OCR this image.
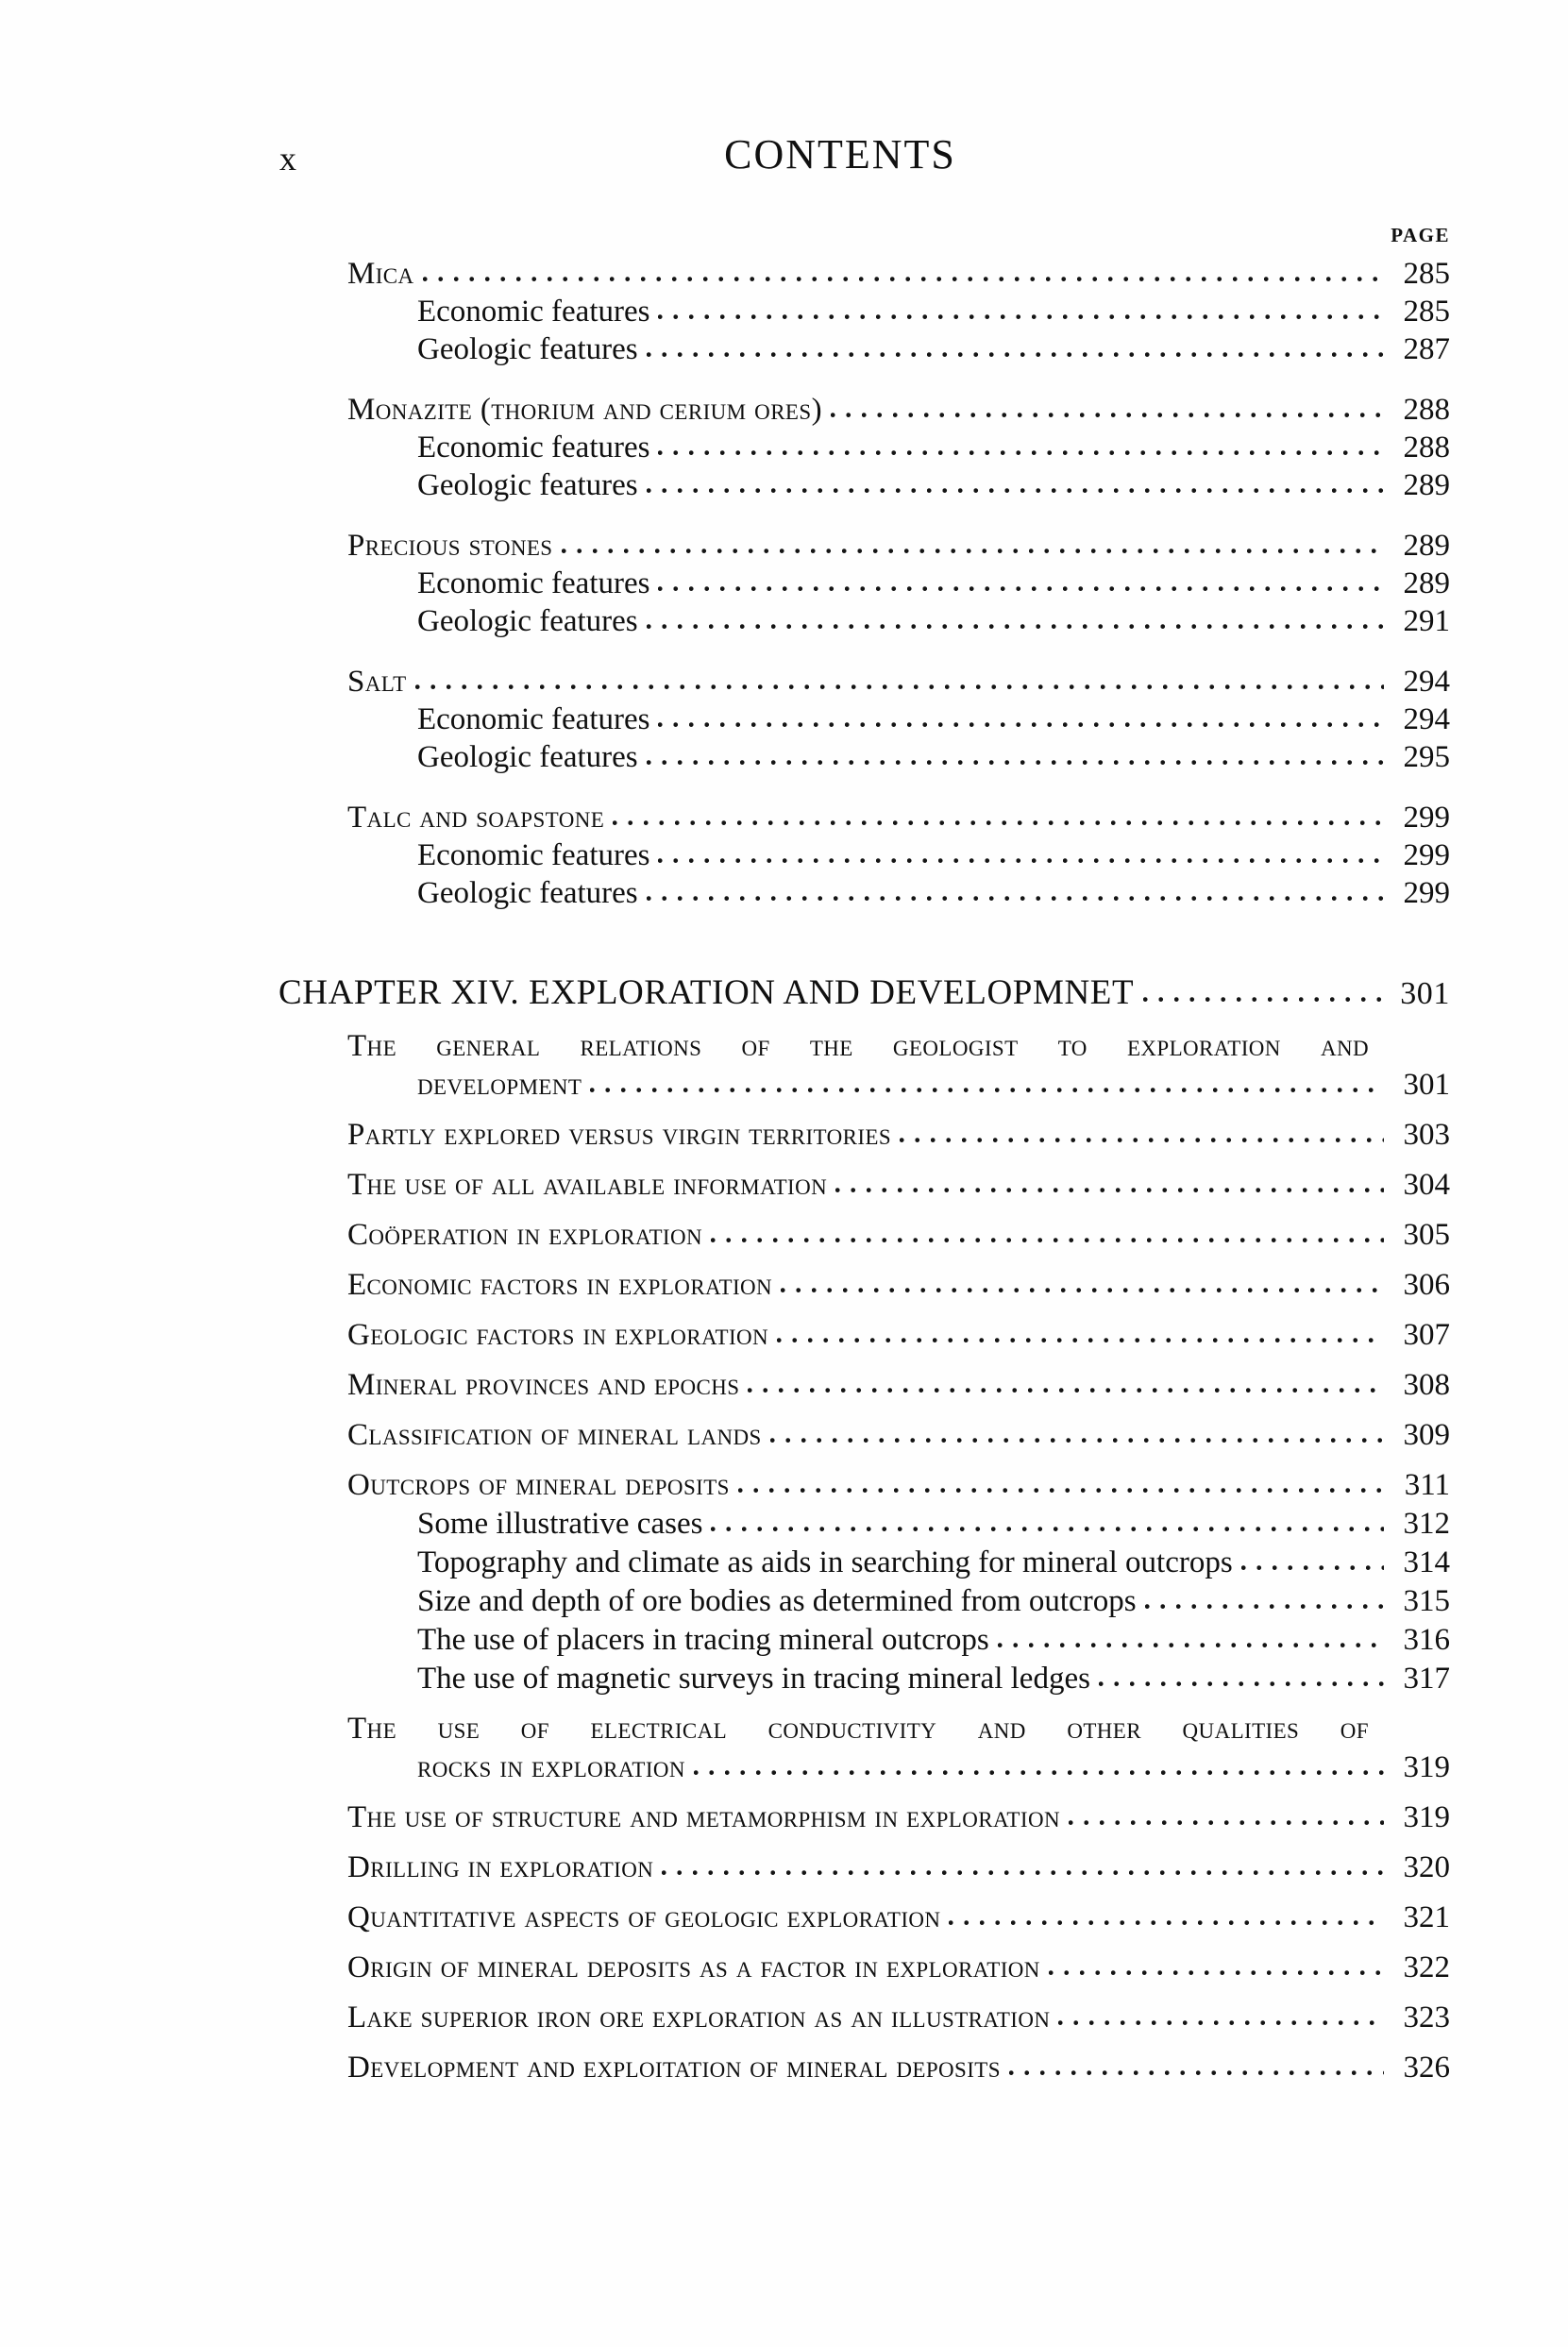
x	CONTENTS
PAGE
Mica	285
Economic features	285
Geologic features	287
Monazite (thorium and cerium ores)	288
Economic features	288
Geologic features	289
Precious stones	289
Economic features	289
Geologic features	291
Salt	294
Economic features	294
Geologic features	295
Talc and soapstone	299
Economic features	299
Geologic features	299
CHAPTER XIV. EXPLORATION AND DEVELOPMNET	301
The general relations of the geologist to exploration and
development	301
Partly explored versus virgin territories	303
The use of all available information	304
Coöperation in exploration	305
Economic factors in exploration	306
Geologic factors in exploration	307
Mineral provinces and epochs	308
Classification of mineral lands	309
Outcrops of mineral deposits	311
Some illustrative cases	312
Topography and climate as aids in searching for mineral outcrops	314
Size and depth of ore bodies as determined from outcrops	315
The use of placers in tracing mineral outcrops	316
The use of magnetic surveys in tracing mineral ledges	317
The use of electrical conductivity and other qualities of
rocks in exploration	319
The use of structure and metamorphism in exploration	319
Drilling in exploration	320
Quantitative aspects of geologic exploration	321
Origin of mineral deposits as a factor in exploration	322
Lake superior iron ore exploration as an illustration	323
Development and exploitation of mineral deposits	326
